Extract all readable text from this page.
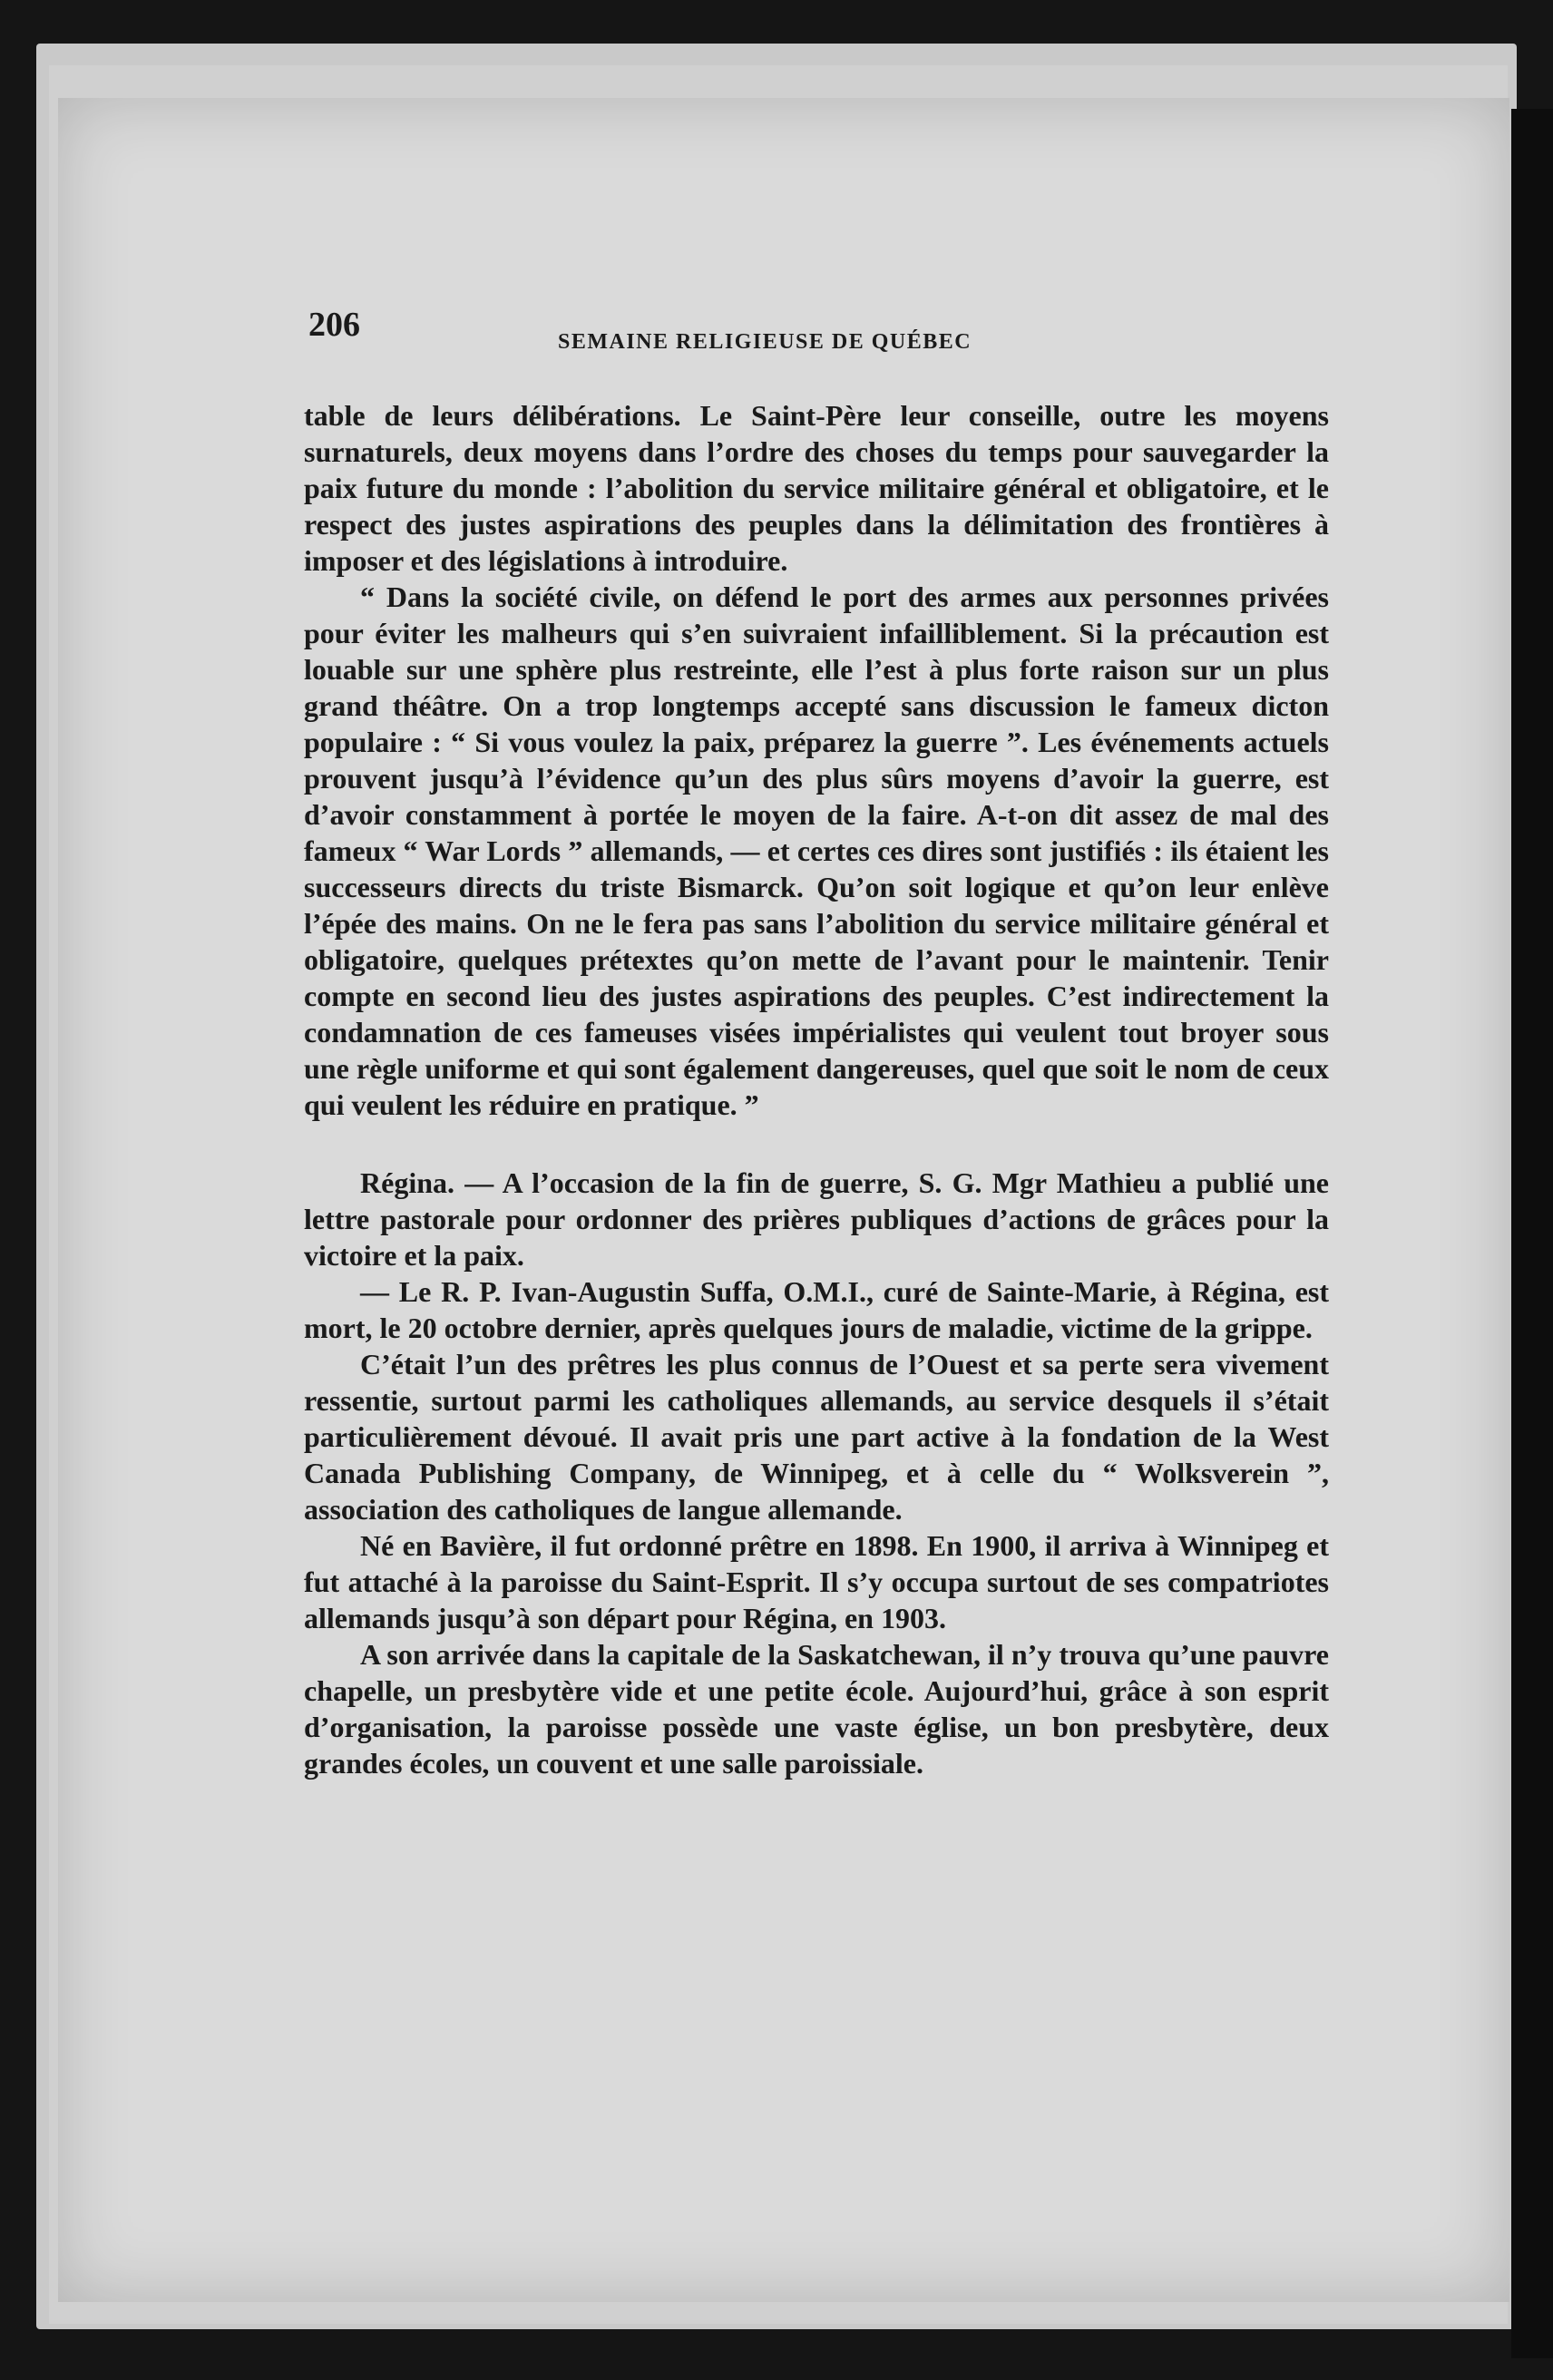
206	SEMAINE RELIGIEUSE DE QUÉBEC

table de leurs délibérations. Le Saint-Père leur conseille, outre les moyens surnaturels, deux moyens dans l’ordre des choses du temps pour sauvegarder la paix future du monde : l’abolition du service militaire général et obligatoire, et le respect des justes aspirations des peuples dans la délimitation des frontières à imposer et des législations à introduire.

“ Dans la société civile, on défend le port des armes aux personnes privées pour éviter les malheurs qui s’en suivraient infailliblement. Si la précaution est louable sur une sphère plus restreinte, elle l’est à plus forte raison sur un plus grand théâtre. On a trop longtemps accepté sans discussion le fameux dicton populaire : “ Si vous voulez la paix, préparez la guerre ”. Les événements actuels prouvent jusqu’à l’évidence qu’un des plus sûrs moyens d’avoir la guerre, est d’avoir constamment à portée le moyen de la faire. A-t-on dit assez de mal des fameux “ War Lords ” allemands, — et certes ces dires sont justifiés : ils étaient les successeurs directs du triste Bismarck. Qu’on soit logique et qu’on leur enlève l’épée des mains. On ne le fera pas sans l’abolition du service militaire général et obligatoire, quelques prétextes qu’on mette de l’avant pour le maintenir. Tenir compte en second lieu des justes aspirations des peuples. C’est indirectement la condamnation de ces fameuses visées impérialistes qui veulent tout broyer sous une règle uniforme et qui sont également dangereuses, quel que soit le nom de ceux qui veulent les réduire en pratique. ”

Régina. — A l’occasion de la fin de guerre, S. G. Mgr Mathieu a publié une lettre pastorale pour ordonner des prières publiques d’actions de grâces pour la victoire et la paix.

— Le R. P. Ivan-Augustin Suffa, O.M.I., curé de Sainte-Marie, à Régina, est mort, le 20 octobre dernier, après quelques jours de maladie, victime de la grippe.

C’était l’un des prêtres les plus connus de l’Ouest et sa perte sera vivement ressentie, surtout parmi les catholiques allemands, au service desquels il s’était particulièrement dévoué. Il avait pris une part active à la fondation de la West Canada Publishing Company, de Winnipeg, et à celle du “ Wolksverein ”, association des catholiques de langue allemande.

Né en Bavière, il fut ordonné prêtre en 1898. En 1900, il arriva à Winnipeg et fut attaché à la paroisse du Saint-Esprit. Il s’y occupa surtout de ses compatriotes allemands jusqu’à son départ pour Régina, en 1903.

A son arrivée dans la capitale de la Saskatchewan, il n’y trouva qu’une pauvre chapelle, un presbytère vide et une petite école. Aujourd’hui, grâce à son esprit d’organisation, la paroisse possède une vaste église, un bon presbytère, deux grandes écoles, un couvent et une salle paroissiale.
